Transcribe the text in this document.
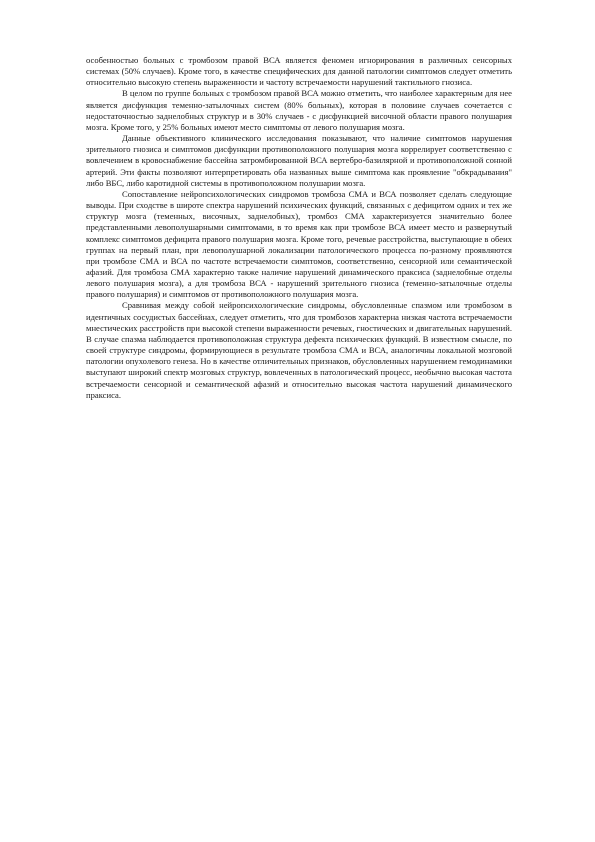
особенностью больных с тромбозом правой ВСА является феномен игнорирования в различных сенсорных системах (50% случаев). Кроме того, в качестве специфических для данной патологии симптомов следует отметить относительно высокую степень выраженности и частоту встречаемости нарушений тактильного гнозиса.

В целом по группе больных с тромбозом правой ВСА можно отметить, что наиболее характерным для нее является дисфункция теменно-затылочных систем (80% больных), которая в половине случаев сочетается с недостаточностью заднелобных структур и в 30% случаев - с дисфункцией височной области правого полушария мозга. Кроме того, у 25% больных имеют место симптомы от левого полушария мозга.

Данные объективного клинического исследования показывают, что наличие симптомов нарушения зрительного гнозиса и симптомов дисфункции противоположного полушария мозга коррелирует соответственно с вовлечением в кровоснабжение бассейна затромбированной ВСА вертебро-базилярной и противоположной сонной артерий. Эти факты позволяют интерпретировать оба названных выше симптома как проявление "обкрадывания" либо ВБС, либо каротидной системы в противоположном полушарии мозга.

Сопоставление нейропсихологических синдромов тромбоза СМА и ВСА позволяет сделать следующие выводы. При сходстве в широте спектра нарушений психических функций, связанных с дефицитом одних и тех же структур мозга (теменных, височных, заднелобных), тромбоз СМА характеризуется значительно более представленными левополушарными симптомами, в то время как при тромбозе ВСА имеет место и развернутый комплекс симптомов дефицита правого полушария мозга. Кроме того, речевые расстройства, выступающие в обеих группах на первый план, при левополушарной локализации патологического процесса по-разному проявляются при тромбозе СМА и ВСА по частоте встречаемости симптомов, соответственно, сенсорной или семантической афазий. Для тромбоза СМА характерно также наличие нарушений динамического праксиса (заднелобные отделы левого полушария мозга), а для тромбоза ВСА - нарушений зрительного гнозиса (теменно-затылочные отделы правого полушария) и симптомов от противоположного полушария мозга.

Сравнивая между собой нейропсихологические синдромы, обусловленные спазмом или тромбозом в идентичных сосудистых бассейнах, следует отметить, что для тромбозов характерна низкая частота встречаемости мнестических расстройств при высокой степени выраженности речевых, гностических и двигательных нарушений. В случае спазма наблюдается противоположная структура дефекта психических функций. В известном смысле, по своей структуре синдромы, формирующиеся в результате тромбоза СМА и ВСА, аналогичны локальной мозговой патологии опухолевого генеза. Но в качестве отличительных признаков, обусловленных нарушением гемодинамики выступают широкий спектр мозговых структур, вовлеченных в патологический процесс, необычно высокая частота встречаемости сенсорной и семантической афазий и относительно высокая частота нарушений динамического праксиса.
